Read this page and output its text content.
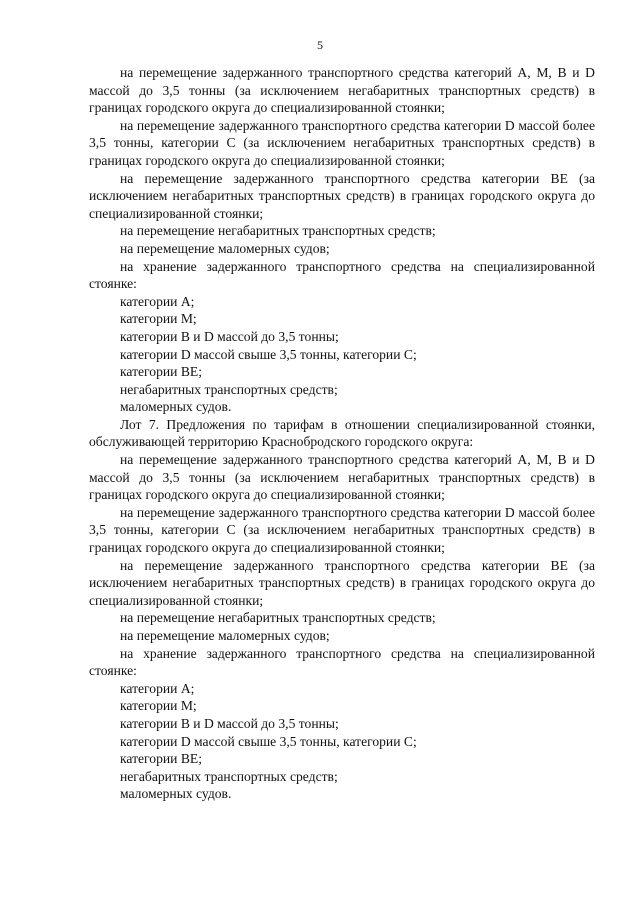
5

на перемещение задержанного транспортного средства категорий A, M, B и D массой до 3,5 тонны (за исключением негабаритных транспортных средств) в границах городского округа до специализированной стоянки;

на перемещение задержанного транспортного средства категории D массой более 3,5 тонны, категории C (за исключением негабаритных транспортных средств) в границах городского округа до специализированной стоянки;

на перемещение задержанного транспортного средства категории BE (за исключением негабаритных транспортных средств) в границах городского округа до специализированной стоянки;

на перемещение негабаритных транспортных средств;

на перемещение маломерных судов;

на хранение задержанного транспортного средства на специализированной стоянке:

категории A;

категории M;

категории B и D массой до 3,5 тонны;

категории D массой свыше 3,5 тонны, категории C;

категории BE;

негабаритных транспортных средств;

маломерных судов.

Лот 7. Предложения по тарифам в отношении специализированной стоянки, обслуживающей территорию Краснобродского городского округа:

на перемещение задержанного транспортного средства категорий A, M, B и D массой до 3,5 тонны (за исключением негабаритных транспортных средств) в границах городского округа до специализированной стоянки;

на перемещение задержанного транспортного средства категории D массой более 3,5 тонны, категории C (за исключением негабаритных транспортных средств) в границах городского округа до специализированной стоянки;

на перемещение задержанного транспортного средства категории BE (за исключением негабаритных транспортных средств) в границах городского округа до специализированной стоянки;

на перемещение негабаритных транспортных средств;

на перемещение маломерных судов;

на хранение задержанного транспортного средства на специализированной стоянке:

категории A;

категории M;

категории B и D массой до 3,5 тонны;

категории D массой свыше 3,5 тонны, категории C;

категории BE;

негабаритных транспортных средств;

маломерных судов.
